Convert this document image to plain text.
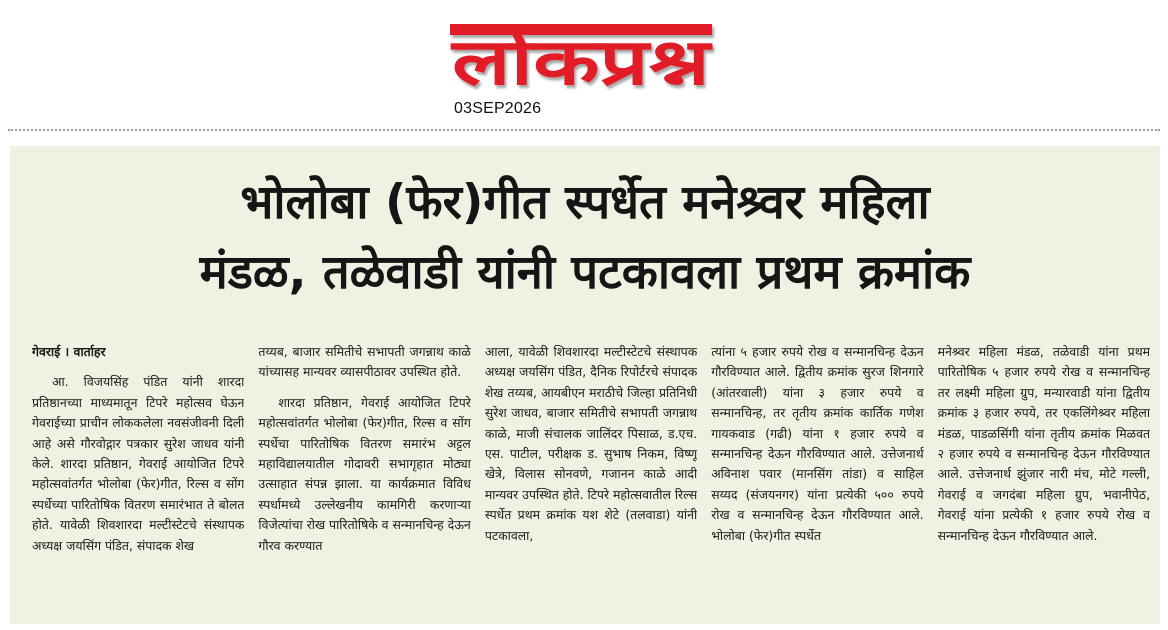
लोकप्रश्न
03SEP2026
भोलोबा (फेर)गीत स्पर्धेत मनेश्र्वर महिला
मंडळ, तळेवाडी यांनी पटकावला प्रथम क्रमांक

गेवराई । वार्ताहर

आ. विजयसिंह पंडित यांनी शारदा प्रतिष्ठानच्या माध्यमातून टिपरे महोत्सव घेऊन गेवराईच्या प्राचीन लोककलेला नवसंजीवनी दिली आहे असे गौरवोद्गार पत्रकार सुरेश जाधव यांनी केले. शारदा प्रतिष्ठान, गेवराई आयोजित टिपरे महोत्सवांतर्गत भोलोबा (फेर)गीत, रिल्स व सोंग स्पर्धेच्या पारितोषिक वितरण समारंभात ते बोलत होते. यावेळी शिवशारदा मल्टीस्टेटचे संस्थापक अध्यक्ष जयसिंग पंडित, संपादक शेख

तय्यब, बाजार समितीचे सभापती जगन्नाथ काळे यांच्यासह मान्यवर व्यासपीठावर उपस्थित होते.

शारदा प्रतिष्ठान, गेवराई आयोजित टिपरे महोत्सवांतर्गत भोलोबा (फेर)गीत, रिल्स व सोंग स्पर्धेचा पारितोषिक वितरण समारंभ अट्टल महाविद्यालयातील गोदावरी सभागृहात मोठ्या उत्साहात संपन्न झाला. या कार्यक्रमात विविध स्पर्धामध्ये उल्लेखनीय कामगिरी करणाऱ्या विजेत्यांचा रोख पारितोषिके व सन्मानचिन्ह देऊन गौरव करण्यात

आला, यावेळी शिवशारदा मल्टीस्टेटचे संस्थापक अध्यक्ष जयसिंग पंडित, दैनिक रिपोर्टरचे संपादक शेख तय्यब, आयबीएन मराठीचे जिल्हा प्रतिनिधी सुरेश जाधव, बाजार समितीचे सभापती जगन्नाथ काळे, माजी संचालक जालिंदर पिसाळ, ड.एच. एस. पाटील, परीक्षक ड. सुभाष निकम, विष्णू खेत्रे, विलास सोनवणे, गजानन काळे आदी मान्यवर उपस्थित होते. टिपरे महोत्सवातील रिल्स स्पर्धेत प्रथम क्रमांक यश शेटे (तलवाडा) यांनी पटकावला,

त्यांना ५ हजार रुपये रोख व सन्मानचिन्ह देऊन गौरविण्यात आले. द्वितीय क्रमांक सुरज शिनगारे (आंतरवाली) यांना ३ हजार रुपये व सन्मानचिन्ह, तर तृतीय क्रमांक कार्तिक गणेश गायकवाड (गढी) यांना १ हजार रुपये व सन्मानचिन्ह देऊन गौरविण्यात आले. उत्तेजनार्थ अविनाश पवार (मानसिंग तांडा) व साहिल सय्यद (संजयनगर) यांना प्रत्येकी ५०० रुपये रोख व सन्मानचिन्ह देऊन गौरविण्यात आले. भोलोबा (फेर)गीत स्पर्धेत

मनेश्र्वर महिला मंडळ, तळेवाडी यांना प्रथम पारितोषिक ५ हजार रुपये रोख व सन्मानचिन्ह तर लक्ष्मी महिला ग्रुप, मन्यारवाडी यांना द्वितीय क्रमांक ३ हजार रुपये, तर एकलिंगेश्र्वर महिला मंडळ, पाडळसिंगी यांना तृतीय क्रमांक मिळवत २ हजार रुपये व सन्मानचिन्ह देऊन गौरविण्यात आले. उत्तेजनार्थ झुंजार नारी मंच, मोटे गल्ली, गेवराई व जगदंबा महिला ग्रुप, भवानीपेठ, गेवराई यांना प्रत्येकी १ हजार रुपये रोख व सन्मानचिन्ह देऊन गौरविण्यात आले.
